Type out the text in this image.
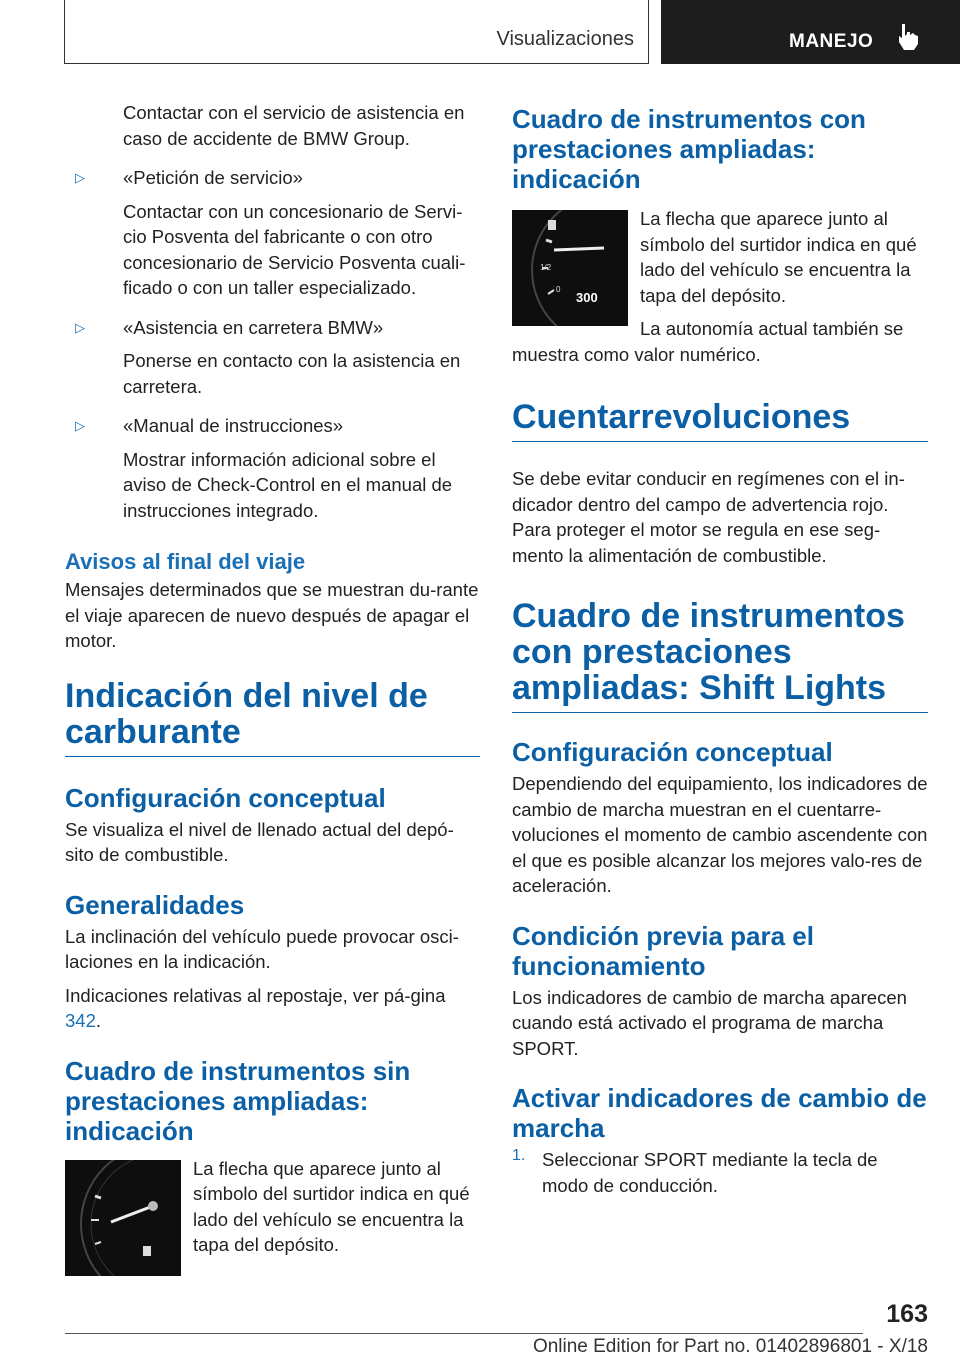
Visualizaciones	MANEJO

Contactar con el servicio de asistencia en caso de accidente de BMW Group.

▷ «Petición de servicio»

Contactar con un concesionario de Servi-cio Posventa del fabricante o con otro concesionario de Servicio Posventa cuali-ficado o con un taller especializado.

▷ «Asistencia en carretera BMW»

Ponerse en contacto con la asistencia en carretera.

▷ «Manual de instrucciones»

Mostrar información adicional sobre el aviso de Check-Control en el manual de instrucciones integrado.

Avisos al final del viaje

Mensajes determinados que se muestran du-rante el viaje aparecen de nuevo después de apagar el motor.

Indicación del nivel de carburante
Configuración conceptual

Se visualiza el nivel de llenado actual del depó-sito de combustible.

Generalidades

La inclinación del vehículo puede provocar osci-laciones en la indicación.

Indicaciones relativas al repostaje, ver pá-gina 342.

Cuadro de instrumentos sin prestaciones ampliadas: indicación

La flecha que aparece junto al símbolo del surtidor indica en qué lado del vehículo se encuentra la tapa del depósito.

Cuadro de instrumentos con prestaciones ampliadas: indicación
1/2
0
300

La flecha que aparece junto al símbolo del surtidor indica en qué lado del vehículo se encuentra la tapa del depósito.

La autonomía actual también se muestra como valor numérico.

Cuentarrevoluciones

Se debe evitar conducir en regímenes con el in-dicador dentro del campo de advertencia rojo. Para proteger el motor se regula en ese seg-mento la alimentación de combustible.

Cuadro de instrumentos con prestaciones ampliadas: Shift Lights
Configuración conceptual

Dependiendo del equipamiento, los indicadores de cambio de marcha muestran en el cuentarre-voluciones el momento de cambio ascendente con el que es posible alcanzar los mejores valo-res de aceleración.

Condición previa para el funcionamiento

Los indicadores de cambio de marcha aparecen cuando está activado el programa de marcha SPORT.

Activar indicadores de cambio de marcha
1. Seleccionar SPORT mediante la tecla de modo de conducción.

163
Online Edition for Part no. 01402896801 - X/18
